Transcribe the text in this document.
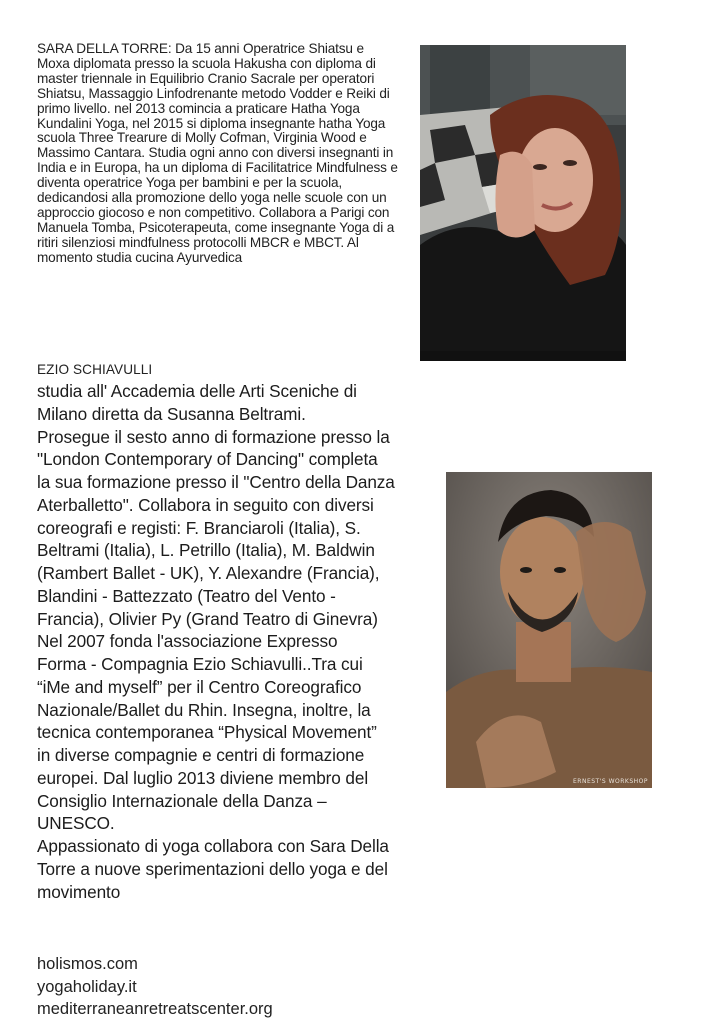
SARA DELLA TORRE: Da 15 anni Operatrice Shiatsu e Moxa diplomata presso la scuola Hakusha con diploma di master triennale in Equilibrio Cranio Sacrale per operatori Shiatsu, Massaggio Linfodrenante metodo Vodder e Reiki di primo livello. nel 2013 comincia a praticare Hatha Yoga Kundalini Yoga, nel 2015 si diploma insegnante hatha Yoga scuola Three Trearure di Molly Cofman, Virginia Wood e Massimo Cantara. Studia ogni anno con diversi insegnanti in India e in Europa, ha un diploma di Facilitatrice Mindfulness e diventa operatrice Yoga per bambini e per la scuola, dedicandosi alla promozione dello yoga nelle scuole con un approccio giocoso e non competitivo. Collabora a Parigi con Manuela Tomba, Psicoterapeuta, come insegnante Yoga di a ritiri silenziosi mindfulness protocolli MBCR e MBCT. Al momento studia cucina Ayurvedica
EZIO SCHIAVULLI
studia all' Accademia delle Arti Sceniche di
Milano diretta da Susanna Beltrami.
Prosegue il sesto anno di formazione presso la
"London Contemporary of Dancing" completa
la sua formazione presso il "Centro della Danza
Aterballetto". Collabora in seguito con diversi
coreografi e registi: F. Branciaroli (Italia), S.
Beltrami (Italia), L. Petrillo (Italia), M. Baldwin
(Rambert Ballet - UK), Y. Alexandre (Francia),
Blandini - Battezzato (Teatro del Vento -
Francia), Olivier Py (Grand Teatro di Ginevra)
Nel 2007 fonda l'associazione Expresso
Forma - Compagnia Ezio Schiavulli..Tra cui
“iMe and myself” per il Centro Coreografico
Nazionale/Ballet du Rhin. Insegna, inoltre, la
tecnica contemporanea “Physical Movement”
in diverse compagnie e centri di formazione
europei. Dal luglio 2013 diviene membro del
Consiglio Internazionale della Danza –
UNESCO.
Appassionato di yoga collabora con Sara Della
Torre a nuove sperimentazioni dello yoga e del
movimento
ERNEST'S WORKSHOP
holismos.com
yogaholiday.it
mediterraneanretreatscenter.org
